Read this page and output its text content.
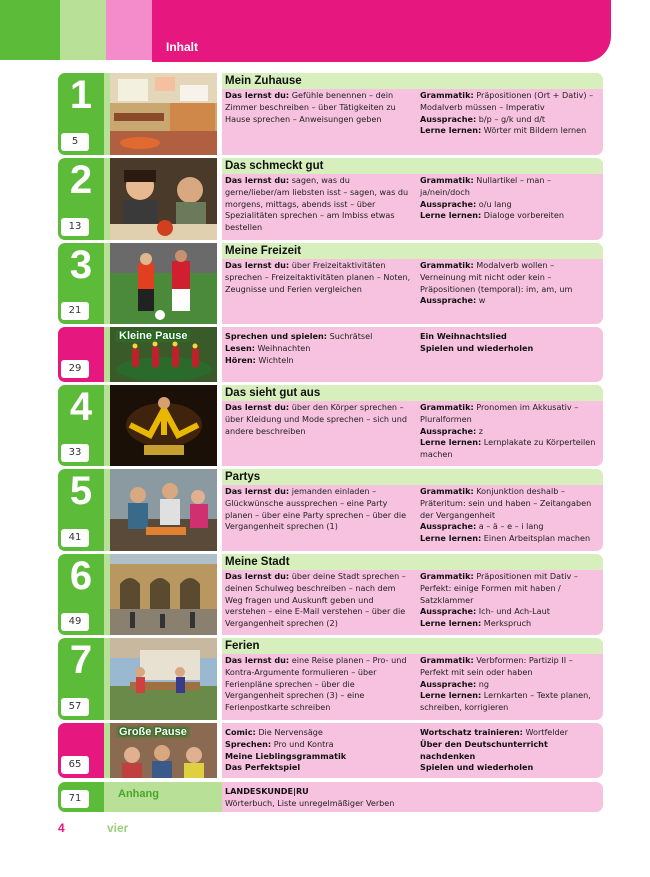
Inhalt
1
5
Mein Zuhause
Das lernst du: Gefühle benennen – dein Zimmer beschreiben – über Tätigkeiten zu Hause sprechen – Anweisungen geben
Grammatik: Präpositionen (Ort + Dativ) – Modalverb müssen – Imperativ
Aussprache: b/p – g/k und d/t
Lerne lernen: Wörter mit Bildern lernen
2
13
Das schmeckt gut
Das lernst du: sagen, was du gerne/lieber/am liebsten isst – sagen, was du morgens, mittags, abends isst – über Spezialitäten sprechen – am Imbiss etwas bestellen
Grammatik: Nullartikel – man – ja/nein/doch
Aussprache: o/u lang
Lerne lernen: Dialoge vorbereiten
3
21
Meine Freizeit
Das lernst du: über Freizeitaktivitäten sprechen – Freizeitaktivitäten planen – Noten, Zeugnisse und Ferien vergleichen
Grammatik: Modalverb wollen – Verneinung mit nicht oder kein – Präpositionen (temporal): im, am, um
Aussprache: w
29
Kleine Pause	Sprechen und spielen: Suchrätsel
Lesen: Weihnachten
Hören: Wichteln
Ein Weihnachtslied
Spielen und wiederholen
4
33
Das sieht gut aus
Das lernst du: über den Körper sprechen – über Kleidung und Mode sprechen – sich und andere beschreiben
Grammatik: Pronomen im Akkusativ – Pluralformen
Aussprache: z
Lerne lernen: Lernplakate zu Körperteilen machen
5
41
Partys
Das lernst du: jemanden einladen – Glückwünsche aussprechen – eine Party planen – über eine Party sprechen – über die Vergangenheit sprechen (1)
Grammatik: Konjunktion deshalb – Präteritum: sein und haben – Zeitangaben der Vergangenheit
Aussprache: a – ä – e – i lang
Lerne lernen: Einen Arbeitsplan machen
6
49
Meine Stadt
Das lernst du: über deine Stadt sprechen – deinen Schulweg beschreiben – nach dem Weg fragen und Auskunft geben und verstehen – eine E-Mail verstehen – über die Vergangenheit sprechen (2)
Grammatik: Präpositionen mit Dativ – Perfekt: einige Formen mit haben / Satzklammer
Aussprache: Ich- und Ach-Laut
Lerne lernen: Merkspruch
7
57
Ferien
Das lernst du: eine Reise planen – Pro- und Kontra-Argumente formulieren – über Ferienpläne sprechen – über die Vergangenheit sprechen (3) – eine Ferienpostkarte schreiben
Grammatik: Verbformen: Partizip II – Perfekt mit sein oder haben
Aussprache: ng
Lerne lernen: Lernkarten – Texte planen, schreiben, korrigieren
65
Große Pause	Comic: Die Nervensäge
Sprechen: Pro und Kontra
Meine Lieblingsgrammatik
Das Perfektspiel
Wortschatz trainieren: Wortfelder
Über den Deutschunterricht nachdenken
Spielen und wiederholen
71	Anhang	LANDESKUNDE|RU
Wörterbuch, Liste unregelmäßiger Verben
4	vier
